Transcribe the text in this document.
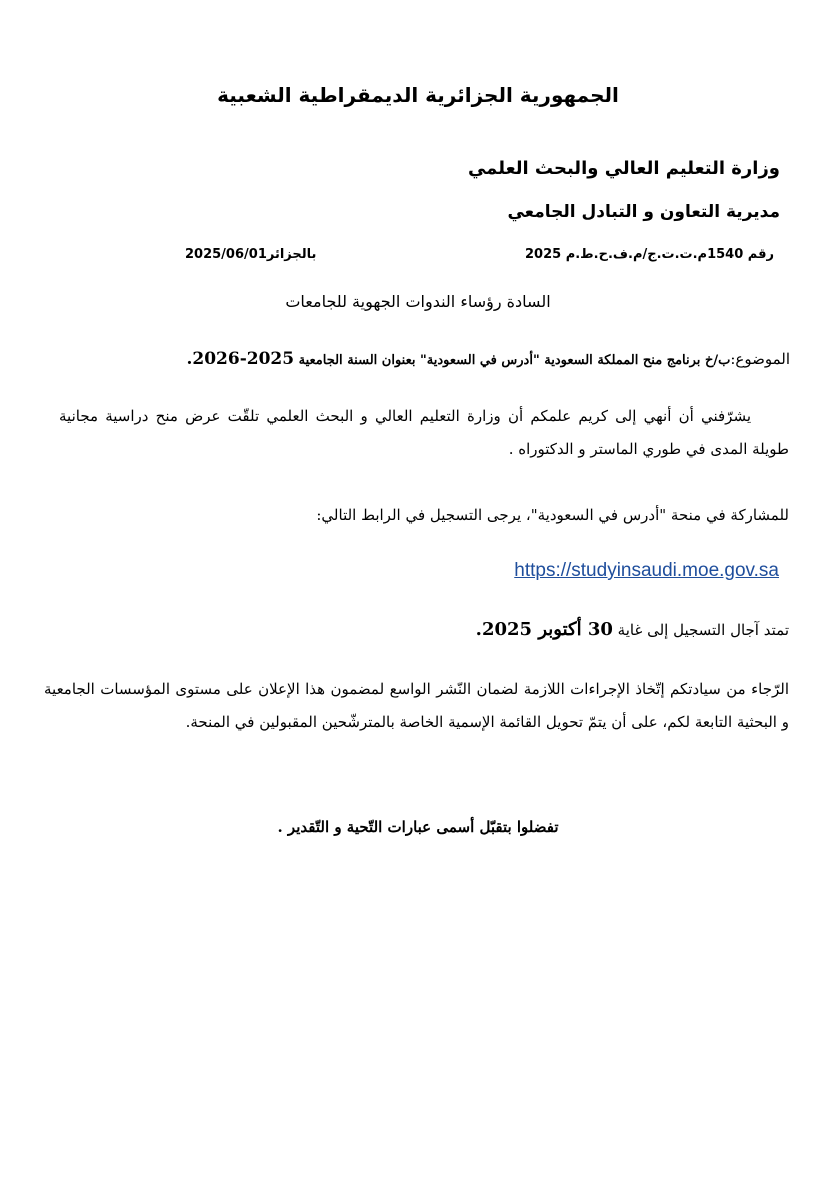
الجمهورية الجزائرية الديمقراطية الشعبية
وزارة التعليم العالي والبحث العلمي
مديرية التعاون و التبادل الجامعي
رقم 1540م.ت.ت.ج/م.ف.ح.ط.م 2025
بالجزائر2025/06/01
السادة رؤساء الندوات الجهوية للجامعات
الموضوع:ب/خ برنامج منح المملكة السعودية "أدرس في السعودية" بعنوان السنة الجامعية 2025-2026.
يشرّفني أن أنهي إلى كريم علمكم أن وزارة التعليم العالي و البحث العلمي تلقّت عرض منح دراسية مجانية طويلة المدى في طوري الماستر و الدكتوراه .
للمشاركة في منحة "أدرس في السعودية"، يرجى التسجيل في الرابط التالي:
https://studyinsaudi.moe.gov.sa
تمتد آجال التسجيل إلى غاية 30 أكتوبر 2025.
الرّجاء من سيادتكم إتّخاذ الإجراءات اللازمة لضمان النّشر الواسع لمضمون هذا الإعلان على مستوى المؤسسات الجامعية و البحثية التابعة لكم، على أن يتمّ تحويل القائمة الإسمية الخاصة بالمترشّحين المقبولين في المنحة.
تفضلوا بتقبّل أسمى عبارات التّحية و التّقدير .
